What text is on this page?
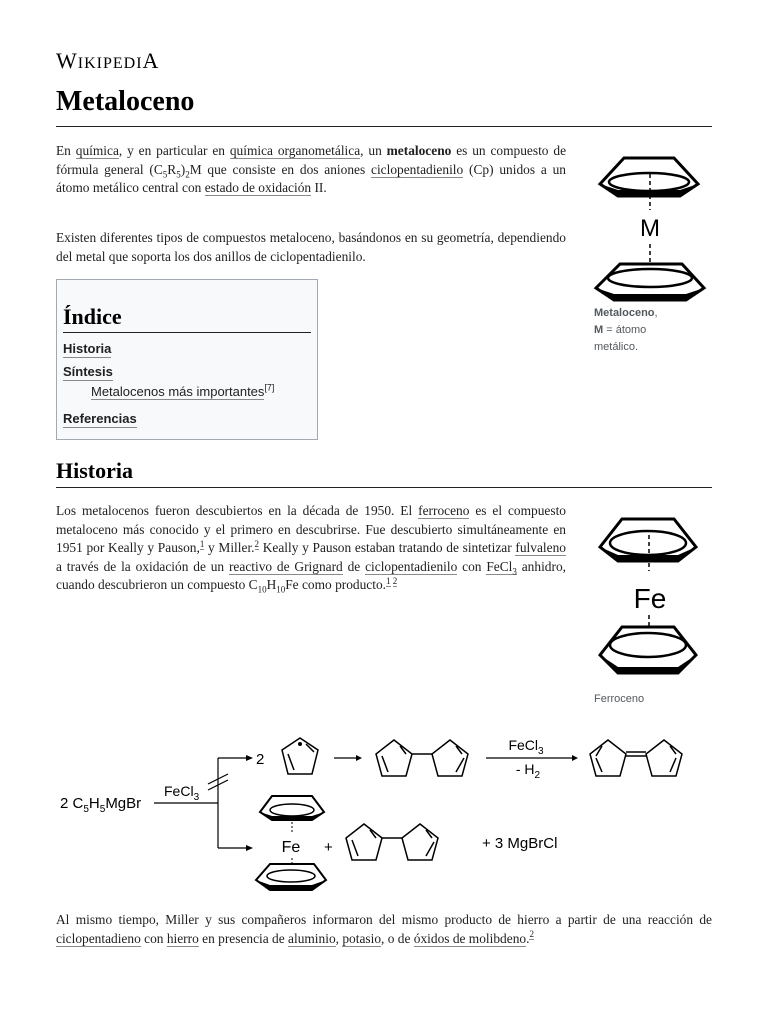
WIKIPEDIA
Metaloceno
En química, y en particular en química organometálica, un metaloceno es un compuesto de fórmula general $(C_5R_5)_2M$ que consiste en dos aniones ciclopentadienilo (Cp) unidos a un átomo metálico central con estado de oxidación II.
Existen diferentes tipos de compuestos metaloceno, basándonos en su geometría, dependiendo del metal que soporta los dos anillos de ciclopentadienilo.
Índice
Historia
Síntesis
Metalocenos más importantes[7]
Referencias
M
Metaloceno,
M = átomo
metálico.
Historia
Los metalocenos fueron descubiertos en la década de 1950. El ferroceno es el compuesto metaloceno más conocido y el primero en descubrirse. Fue descubierto simultáneamente en 1951 por Keally y Pauson,$^1$ y Miller.$^2$ Keally y Pauson estaban tratando de sintetizar fulvaleno a través de la oxidación de un reactivo de Grignard de ciclopentadienilo con FeCl$_3$ anhidro, cuando descubrieron un compuesto $C_{10}H_{10}Fe$ como producto.$^{1 2}$
Fe
Ferroceno
2 $C_5H_5MgBr$
FeCl$_3$
2
FeCl$_3$
- $H_2$
Fe +	+ 3 MgBrCl
Al mismo tiempo, Miller y sus compañeros informaron del mismo producto de hierro a partir de una reacción de ciclopentadieno con hierro en presencia de aluminio, potasio, o de óxidos de molibdeno.$^2$
